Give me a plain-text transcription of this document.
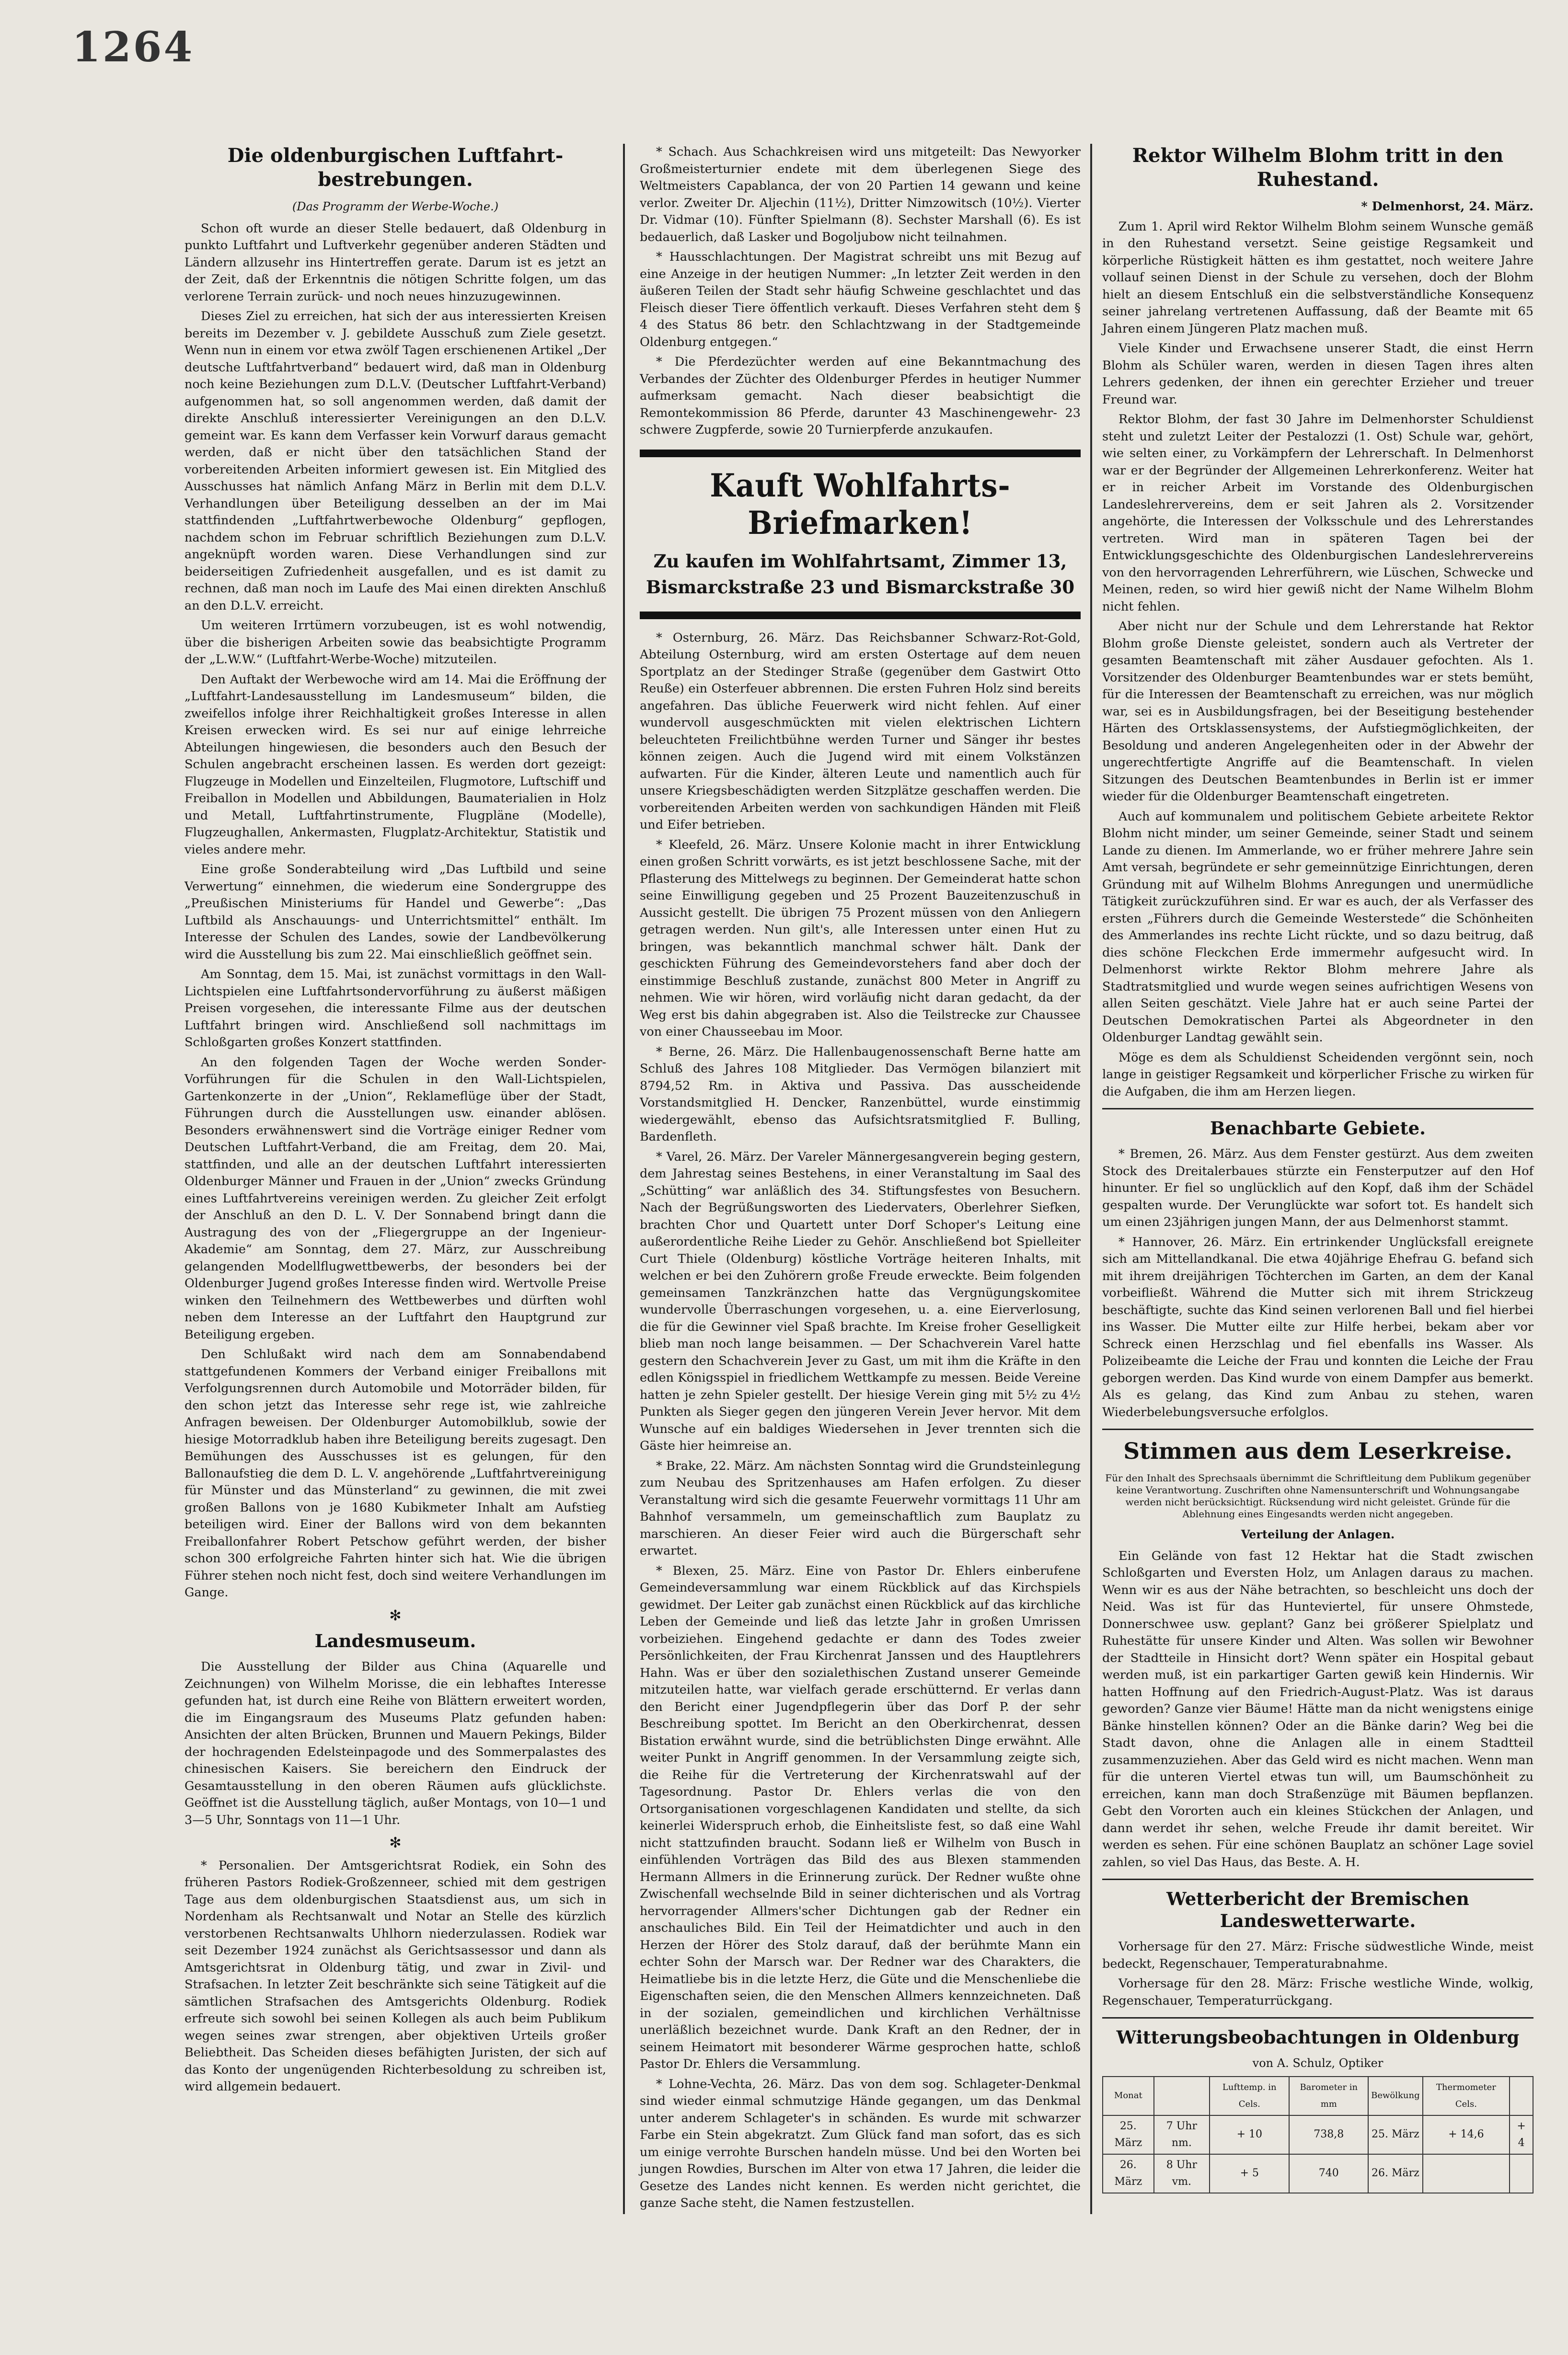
1264
Die oldenburgischen Luftfahrt-bestrebungen.
(Das Programm der Werbe-Woche.)

Schon oft wurde an dieser Stelle bedauert, daß Oldenburg in punkto Luftfahrt und Luftverkehr gegenüber anderen Städten und Ländern allzusehr ins Hintertreffen gerate. Darum ist es jetzt an der Zeit, daß der Erkenntnis die nötigen Schritte folgen, um das verlorene Terrain zurück- und noch neues hinzuzugewinnen.

Dieses Ziel zu erreichen, hat sich der aus interessierten Kreisen bereits im Dezember v. J. gebildete Ausschuß zum Ziele gesetzt. Wenn nun in einem vor etwa zwölf Tagen erschienenen Artikel „Der deutsche Luftfahrtverband“ bedauert wird, daß man in Oldenburg noch keine Beziehungen zum D.L.V. (Deutscher Luftfahrt-Verband) aufgenommen hat, so soll angenommen werden, daß damit der direkte Anschluß interessierter Vereinigungen an den D.L.V. gemeint war. Es kann dem Verfasser kein Vorwurf daraus gemacht werden, daß er nicht über den tatsächlichen Stand der vorbereitenden Arbeiten informiert gewesen ist. Ein Mitglied des Ausschusses hat nämlich Anfang März in Berlin mit dem D.L.V. Verhandlungen über Beteiligung desselben an der im Mai stattfindenden „Luftfahrtwerbewoche Oldenburg“ gepflogen, nachdem schon im Februar schriftlich Beziehungen zum D.L.V. angeknüpft worden waren. Diese Verhandlungen sind zur beiderseitigen Zufriedenheit ausgefallen, und es ist damit zu rechnen, daß man noch im Laufe des Mai einen direkten Anschluß an den D.L.V. erreicht.

Um weiteren Irrtümern vorzubeugen, ist es wohl notwendig, über die bisherigen Arbeiten sowie das beabsichtigte Programm der „L.W.W.“ (Luftfahrt-Werbe-Woche) mitzuteilen.

Den Auftakt der Werbewoche wird am 14. Mai die Eröffnung der „Luftfahrt-Landesausstellung im Landesmuseum“ bilden, die zweifellos infolge ihrer Reichhaltigkeit großes Interesse in allen Kreisen erwecken wird. Es sei nur auf einige lehrreiche Abteilungen hingewiesen, die besonders auch den Besuch der Schulen angebracht erscheinen lassen. Es werden dort gezeigt: Flugzeuge in Modellen und Einzelteilen, Flugmotore, Luftschiff und Freiballon in Modellen und Abbildungen, Baumaterialien in Holz und Metall, Luftfahrtinstrumente, Flugpläne (Modelle), Flugzeughallen, Ankermasten, Flugplatz-Architektur, Statistik und vieles andere mehr.

Eine große Sonderabteilung wird „Das Luftbild und seine Verwertung“ einnehmen, die wiederum eine Sondergruppe des „Preußischen Ministeriums für Handel und Gewerbe“: „Das Luftbild als Anschauungs- und Unterrichtsmittel“ enthält. Im Interesse der Schulen des Landes, sowie der Landbevölkerung wird die Ausstellung bis zum 22. Mai einschließlich geöffnet sein.

Am Sonntag, dem 15. Mai, ist zunächst vormittags in den Wall-Lichtspielen eine Luftfahrtsondervorführung zu äußerst mäßigen Preisen vorgesehen, die interessante Filme aus der deutschen Luftfahrt bringen wird. Anschließend soll nachmittags im Schloßgarten großes Konzert stattfinden.

An den folgenden Tagen der Woche werden Sonder-Vorführungen für die Schulen in den Wall-Lichtspielen, Gartenkonzerte in der „Union“, Reklameflüge über der Stadt, Führungen durch die Ausstellungen usw. einander ablösen. Besonders erwähnenswert sind die Vorträge einiger Redner vom Deutschen Luftfahrt-Verband, die am Freitag, dem 20. Mai, stattfinden, und alle an der deutschen Luftfahrt interessierten Oldenburger Männer und Frauen in der „Union“ zwecks Gründung eines Luftfahrtvereins vereinigen werden. Zu gleicher Zeit erfolgt der Anschluß an den D. L. V. Der Sonnabend bringt dann die Austragung des von der „Fliegergruppe an der Ingenieur-Akademie“ am Sonntag, dem 27. März, zur Ausschreibung gelangenden Modellflugwettbewerbs, der besonders bei der Oldenburger Jugend großes Interesse finden wird. Wertvolle Preise winken den Teilnehmern des Wettbewerbes und dürften wohl neben dem Interesse an der Luftfahrt den Hauptgrund zur Beteiligung ergeben.

Den Schlußakt wird nach dem am Sonnabendabend stattgefundenen Kommers der Verband einiger Freiballons mit Verfolgungsrennen durch Automobile und Motorräder bilden, für den schon jetzt das Interesse sehr rege ist, wie zahlreiche Anfragen beweisen. Der Oldenburger Automobilklub, sowie der hiesige Motorradklub haben ihre Beteiligung bereits zugesagt. Den Bemühungen des Ausschusses ist es gelungen, für den Ballonaufstieg die dem D. L. V. angehörende „Luftfahrtvereinigung für Münster und das Münsterland“ zu gewinnen, die mit zwei großen Ballons von je 1680 Kubikmeter Inhalt am Aufstieg beteiligen wird. Einer der Ballons wird von dem bekannten Freiballonfahrer Robert Petschow geführt werden, der bisher schon 300 erfolgreiche Fahrten hinter sich hat. Wie die übrigen Führer stehen noch nicht fest, doch sind weitere Verhandlungen im Gange.

✻
Landesmuseum.

Die Ausstellung der Bilder aus China (Aquarelle und Zeichnungen) von Wilhelm Morisse, die ein lebhaftes Interesse gefunden hat, ist durch eine Reihe von Blättern erweitert worden, die im Eingangsraum des Museums Platz gefunden haben: Ansichten der alten Brücken, Brunnen und Mauern Pekings, Bilder der hochragenden Edelsteinpagode und des Sommerpalastes des chinesischen Kaisers. Sie bereichern den Eindruck der Gesamtausstellung in den oberen Räumen aufs glücklichste. Geöffnet ist die Ausstellung täglich, außer Montags, von 10—1 und 3—5 Uhr, Sonntags von 11—1 Uhr.

✻

* Personalien. Der Amtsgerichtsrat Rodiek, ein Sohn des früheren Pastors Rodiek-Großzenneer, schied mit dem gestrigen Tage aus dem oldenburgischen Staatsdienst aus, um sich in Nordenham als Rechtsanwalt und Notar an Stelle des kürzlich verstorbenen Rechtsanwalts Uhlhorn niederzulassen. Rodiek war seit Dezember 1924 zunächst als Gerichtsassessor und dann als Amtsgerichtsrat in Oldenburg tätig, und zwar in Zivil- und Strafsachen. In letzter Zeit beschränkte sich seine Tätigkeit auf die sämtlichen Strafsachen des Amtsgerichts Oldenburg. Rodiek erfreute sich sowohl bei seinen Kollegen als auch beim Publikum wegen seines zwar strengen, aber objektiven Urteils großer Beliebtheit. Das Scheiden dieses befähigten Juristen, der sich auf das Konto der ungenügenden Richterbesoldung zu schreiben ist, wird allgemein bedauert.

* Schach. Aus Schachkreisen wird uns mitgeteilt: Das Newyorker Großmeisterturnier endete mit dem überlegenen Siege des Weltmeisters Capablanca, der von 20 Partien 14 gewann und keine verlor. Zweiter Dr. Aljechin (11½), Dritter Nimzowitsch (10½). Vierter Dr. Vidmar (10). Fünfter Spielmann (8). Sechster Marshall (6). Es ist bedauerlich, daß Lasker und Bogoljubow nicht teilnahmen.

* Hausschlachtungen. Der Magistrat schreibt uns mit Bezug auf eine Anzeige in der heutigen Nummer: „In letzter Zeit werden in den äußeren Teilen der Stadt sehr häufig Schweine geschlachtet und das Fleisch dieser Tiere öffentlich verkauft. Dieses Verfahren steht dem § 4 des Status 86 betr. den Schlachtzwang in der Stadtgemeinde Oldenburg entgegen.“

* Die Pferdezüchter werden auf eine Bekanntmachung des Verbandes der Züchter des Oldenburger Pferdes in heutiger Nummer aufmerksam gemacht. Nach dieser beabsichtigt die Remontekommission 86 Pferde, darunter 43 Maschinengewehr- 23 schwere Zugpferde, sowie 20 Turnierpferde anzukaufen.

Kauft Wohlfahrts-Briefmarken!
Zu kaufen im Wohlfahrtsamt, Zimmer 13,
Bismarckstraße 23 und Bismarckstraße 30

* Osternburg, 26. März. Das Reichsbanner Schwarz-Rot-Gold, Abteilung Osternburg, wird am ersten Ostertage auf dem neuen Sportplatz an der Stedinger Straße (gegenüber dem Gastwirt Otto Reuße) ein Osterfeuer abbrennen. Die ersten Fuhren Holz sind bereits angefahren. Das übliche Feuerwerk wird nicht fehlen. Auf einer wundervoll ausgeschmückten mit vielen elektrischen Lichtern beleuchteten Freilichtbühne werden Turner und Sänger ihr bestes können zeigen. Auch die Jugend wird mit einem Volkstänzen aufwarten. Für die Kinder, älteren Leute und namentlich auch für unsere Kriegsbeschädigten werden Sitzplätze geschaffen werden. Die vorbereitenden Arbeiten werden von sachkundigen Händen mit Fleiß und Eifer betrieben.

* Kleefeld, 26. März. Unsere Kolonie macht in ihrer Entwicklung einen großen Schritt vorwärts, es ist jetzt beschlossene Sache, mit der Pflasterung des Mittelwegs zu beginnen. Der Gemeinderat hatte schon seine Einwilligung gegeben und 25 Prozent Bauzeitenzuschuß in Aussicht gestellt. Die übrigen 75 Prozent müssen von den Anliegern getragen werden. Nun gilt's, alle Interessen unter einen Hut zu bringen, was bekanntlich manchmal schwer hält. Dank der geschickten Führung des Gemeindevorstehers fand aber doch der einstimmige Beschluß zustande, zunächst 800 Meter in Angriff zu nehmen. Wie wir hören, wird vorläufig nicht daran gedacht, da der Weg erst bis dahin abgegraben ist. Also die Teilstrecke zur Chaussee von einer Chausseebau im Moor.

* Berne, 26. März. Die Hallenbaugenossenschaft Berne hatte am Schluß des Jahres 108 Mitglieder. Das Vermögen bilanziert mit 8794,52 Rm. in Aktiva und Passiva. Das ausscheidende Vorstandsmitglied H. Dencker, Ranzenbüttel, wurde einstimmig wiedergewählt, ebenso das Aufsichtsratsmitglied F. Bulling, Bardenfleth.

* Varel, 26. März. Der Vareler Männergesangverein beging gestern, dem Jahrestag seines Bestehens, in einer Veranstaltung im Saal des „Schütting“ war anläßlich des 34. Stiftungsfestes von Besuchern. Nach der Begrüßungsworten des Liedervaters, Oberlehrer Siefken, brachten Chor und Quartett unter Dorf Schoper's Leitung eine außerordentliche Reihe Lieder zu Gehör. Anschließend bot Spielleiter Curt Thiele (Oldenburg) köstliche Vorträge heiteren Inhalts, mit welchen er bei den Zuhörern große Freude erweckte. Beim folgenden gemeinsamen Tanzkränzchen hatte das Vergnügungskomitee wundervolle Überraschungen vorgesehen, u. a. eine Eierverlosung, die für die Gewinner viel Spaß brachte. Im Kreise froher Geselligkeit blieb man noch lange beisammen. — Der Schachverein Varel hatte gestern den Schachverein Jever zu Gast, um mit ihm die Kräfte in den edlen Königsspiel in friedlichem Wettkampfe zu messen. Beide Vereine hatten je zehn Spieler gestellt. Der hiesige Verein ging mit 5½ zu 4½ Punkten als Sieger gegen den jüngeren Verein Jever hervor. Mit dem Wunsche auf ein baldiges Wiedersehen in Jever trennten sich die Gäste hier heimreise an.

* Brake, 22. März. Am nächsten Sonntag wird die Grundsteinlegung zum Neubau des Spritzenhauses am Hafen erfolgen. Zu dieser Veranstaltung wird sich die gesamte Feuerwehr vormittags 11 Uhr am Bahnhof versammeln, um gemeinschaftlich zum Bauplatz zu marschieren. An dieser Feier wird auch die Bürgerschaft sehr erwartet.

* Blexen, 25. März. Eine von Pastor Dr. Ehlers einberufene Gemeindeversammlung war einem Rückblick auf das Kirchspiels gewidmet. Der Leiter gab zunächst einen Rückblick auf das kirchliche Leben der Gemeinde und ließ das letzte Jahr in großen Umrissen vorbeiziehen. Eingehend gedachte er dann des Todes zweier Persönlichkeiten, der Frau Kirchenrat Janssen und des Hauptlehrers Hahn. Was er über den sozialethischen Zustand unserer Gemeinde mitzuteilen hatte, war vielfach gerade erschütternd. Er verlas dann den Bericht einer Jugendpflegerin über das Dorf P. der sehr Beschreibung spottet. Im Bericht an den Oberkirchenrat, dessen Bistation erwähnt wurde, sind die betrüblichsten Dinge erwähnt. Alle weiter Punkt in Angriff genommen. In der Versammlung zeigte sich, die Reihe für die Vertreterung der Kirchenratswahl auf der Tagesordnung. Pastor Dr. Ehlers verlas die von den Ortsorganisationen vorgeschlagenen Kandidaten und stellte, da sich keinerlei Widerspruch erhob, die Einheitsliste fest, so daß eine Wahl nicht stattzufinden braucht. Sodann ließ er Wilhelm von Busch in einfühlenden Vorträgen das Bild des aus Blexen stammenden Hermann Allmers in die Erinnerung zurück. Der Redner wußte ohne Zwischenfall wechselnde Bild in seiner dichterischen und als Vortrag hervorragender Allmers'scher Dichtungen gab der Redner ein anschauliches Bild. Ein Teil der Heimatdichter und auch in den Herzen der Hörer des Stolz darauf, daß der berühmte Mann ein echter Sohn der Marsch war. Der Redner war des Charakters, die Heimatliebe bis in die letzte Herz, die Güte und die Menschenliebe die Eigenschaften seien, die den Menschen Allmers kennzeichneten. Daß in der sozialen, gemeindlichen und kirchlichen Verhältnisse unerläßlich bezeichnet wurde. Dank Kraft an den Redner, der in seinem Heimatort mit besonderer Wärme gesprochen hatte, schloß Pastor Dr. Ehlers die Versammlung.

* Lohne-Vechta, 26. März. Das von dem sog. Schlageter-Denkmal sind wieder einmal schmutzige Hände gegangen, um das Denkmal unter anderem Schlageter's in schänden. Es wurde mit schwarzer Farbe ein Stein abgekratzt. Zum Glück fand man sofort, das es sich um einige verrohte Burschen handeln müsse. Und bei den Worten bei jungen Rowdies, Burschen im Alter von etwa 17 Jahren, die leider die Gesetze des Landes nicht kennen. Es werden nicht gerichtet, die ganze Sache steht, die Namen festzustellen.

Rektor Wilhelm Blohm tritt in den Ruhestand.

* Delmenhorst, 24. März.

Zum 1. April wird Rektor Wilhelm Blohm seinem Wunsche gemäß in den Ruhestand versetzt. Seine geistige Regsamkeit und körperliche Rüstigkeit hätten es ihm gestattet, noch weitere Jahre vollauf seinen Dienst in der Schule zu versehen, doch der Blohm hielt an diesem Entschluß ein die selbstverständliche Konsequenz seiner jahrelang vertretenen Auffassung, daß der Beamte mit 65 Jahren einem Jüngeren Platz machen muß.

Viele Kinder und Erwachsene unserer Stadt, die einst Herrn Blohm als Schüler waren, werden in diesen Tagen ihres alten Lehrers gedenken, der ihnen ein gerechter Erzieher und treuer Freund war.

Rektor Blohm, der fast 30 Jahre im Delmenhorster Schuldienst steht und zuletzt Leiter der Pestalozzi (1. Ost) Schule war, gehört, wie selten einer, zu Vorkämpfern der Lehrerschaft. In Delmenhorst war er der Begründer der Allgemeinen Lehrerkonferenz. Weiter hat er in reicher Arbeit im Vorstande des Oldenburgischen Landeslehrervereins, dem er seit Jahren als 2. Vorsitzender angehörte, die Interessen der Volksschule und des Lehrerstandes vertreten. Wird man in späteren Tagen bei der Entwicklungsgeschichte des Oldenburgischen Landeslehrervereins von den hervorragenden Lehrerführern, wie Lüschen, Schwecke und Meinen, reden, so wird hier gewiß nicht der Name Wilhelm Blohm nicht fehlen.

Aber nicht nur der Schule und dem Lehrerstande hat Rektor Blohm große Dienste geleistet, sondern auch als Vertreter der gesamten Beamtenschaft mit zäher Ausdauer gefochten. Als 1. Vorsitzender des Oldenburger Beamtenbundes war er stets bemüht, für die Interessen der Beamtenschaft zu erreichen, was nur möglich war, sei es in Ausbildungsfragen, bei der Beseitigung bestehender Härten des Ortsklassensystems, der Aufstiegmöglichkeiten, der Besoldung und anderen Angelegenheiten oder in der Abwehr der ungerechtfertigte Angriffe auf die Beamtenschaft. In vielen Sitzungen des Deutschen Beamtenbundes in Berlin ist er immer wieder für die Oldenburger Beamtenschaft eingetreten.

Auch auf kommunalem und politischem Gebiete arbeitete Rektor Blohm nicht minder, um seiner Gemeinde, seiner Stadt und seinem Lande zu dienen. Im Ammerlande, wo er früher mehrere Jahre sein Amt versah, begründete er sehr gemeinnützige Einrichtungen, deren Gründung mit auf Wilhelm Blohms Anregungen und unermüdliche Tätigkeit zurückzuführen sind. Er war es auch, der als Verfasser des ersten „Führers durch die Gemeinde Westerstede“ die Schönheiten des Ammerlandes ins rechte Licht rückte, und so dazu beitrug, daß dies schöne Fleckchen Erde immermehr aufgesucht wird. In Delmenhorst wirkte Rektor Blohm mehrere Jahre als Stadtratsmitglied und wurde wegen seines aufrichtigen Wesens von allen Seiten geschätzt. Viele Jahre hat er auch seine Partei der Deutschen Demokratischen Partei als Abgeordneter in den Oldenburger Landtag gewählt sein.

Möge es dem als Schuldienst Scheidenden vergönnt sein, noch lange in geistiger Regsamkeit und körperlicher Frische zu wirken für die Aufgaben, die ihm am Herzen liegen.

Benachbarte Gebiete.

* Bremen, 26. März. Aus dem Fenster gestürzt. Aus dem zweiten Stock des Dreitalerbaues stürzte ein Fensterputzer auf den Hof hinunter. Er fiel so unglücklich auf den Kopf, daß ihm der Schädel gespalten wurde. Der Verunglückte war sofort tot. Es handelt sich um einen 23jährigen jungen Mann, der aus Delmenhorst stammt.

* Hannover, 26. März. Ein ertrinkender Unglücksfall ereignete sich am Mittellandkanal. Die etwa 40jährige Ehefrau G. befand sich mit ihrem dreijährigen Töchterchen im Garten, an dem der Kanal vorbeifließt. Während die Mutter sich mit ihrem Strickzeug beschäftigte, suchte das Kind seinen verlorenen Ball und fiel hierbei ins Wasser. Die Mutter eilte zur Hilfe herbei, bekam aber vor Schreck einen Herzschlag und fiel ebenfalls ins Wasser. Als Polizeibeamte die Leiche der Frau und konnten die Leiche der Frau geborgen werden. Das Kind wurde von einem Dampfer aus bemerkt. Als es gelang, das Kind zum Anbau zu stehen, waren Wiederbelebungsversuche erfolglos.

Stimmen aus dem Leserkreise.
Für den Inhalt des Sprechsaals übernimmt die Schriftleitung dem Publikum gegenüber keine Verantwortung. Zuschriften ohne Namensunterschrift und Wohnungsangabe werden nicht berücksichtigt. Rücksendung wird nicht geleistet. Gründe für die Ablehnung eines Eingesandts werden nicht angegeben.
Verteilung der Anlagen.

Ein Gelände von fast 12 Hektar hat die Stadt zwischen Schloßgarten und Eversten Holz, um Anlagen daraus zu machen. Wenn wir es aus der Nähe betrachten, so beschleicht uns doch der Neid. Was ist für das Hunteviertel, für unsere Ohmstede, Donnerschwee usw. geplant? Ganz bei größerer Spielplatz und Ruhestätte für unsere Kinder und Alten. Was sollen wir Bewohner der Stadtteile in Hinsicht dort? Wenn später ein Hospital gebaut werden muß, ist ein parkartiger Garten gewiß kein Hindernis. Wir hatten Hoffnung auf den Friedrich-August-Platz. Was ist daraus geworden? Ganze vier Bäume! Hätte man da nicht wenigstens einige Bänke hinstellen können? Oder an die Bänke darin? Weg bei die Stadt davon, ohne die Anlagen alle in einem Stadtteil zusammenzuziehen. Aber das Geld wird es nicht machen. Wenn man für die unteren Viertel etwas tun will, um Baumschönheit zu erreichen, kann man doch Straßenzüge mit Bäumen bepflanzen. Gebt den Vororten auch ein kleines Stückchen der Anlagen, und dann werdet ihr sehen, welche Freude ihr damit bereitet. Wir werden es sehen. Für eine schönen Bauplatz an schöner Lage soviel zahlen, so viel Das Haus, das Beste. A. H.

Wetterbericht der Bremischen Landeswetterwarte.

Vorhersage für den 27. März: Frische südwestliche Winde, meist bedeckt, Regenschauer, Temperaturabnahme.

Vorhersage für den 28. März: Frische westliche Winde, wolkig, Regenschauer, Temperaturrückgang.

Witterungsbeobachtungen in Oldenburg
von A. Schulz, Optiker
Monat		Lufttemp. in Cels.	Barometer in mm	Bewölkung	Thermometer Cels.	
25. März	7 Uhr nm.	+ 10	738,8	25. März	+ 14,6	+ 4
26. März	8 Uhr vm.	+ 5	740	26. März		
